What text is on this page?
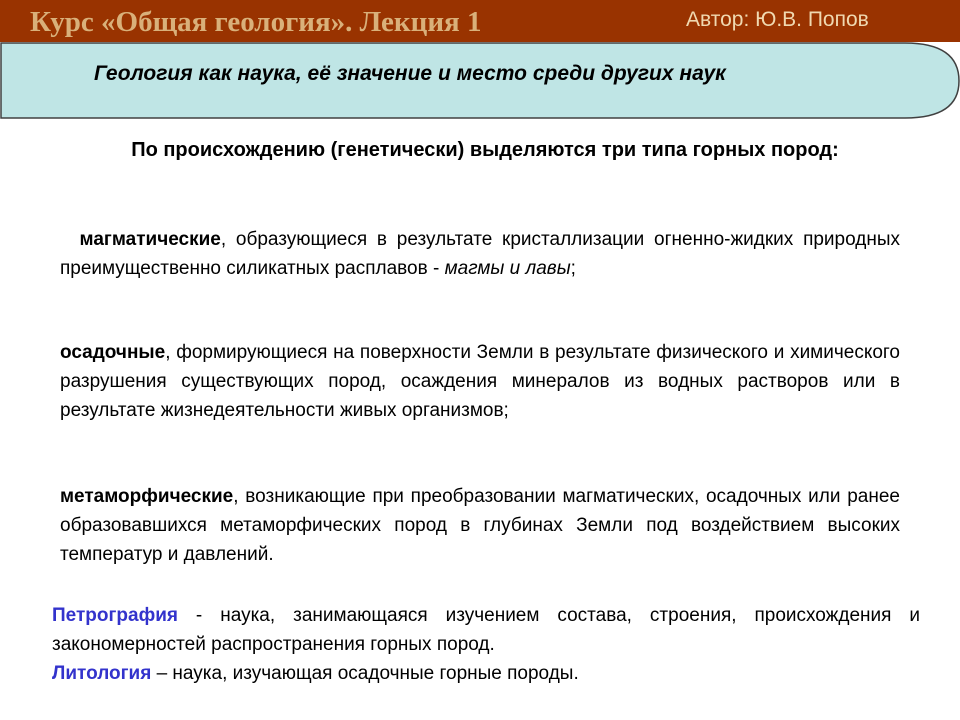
Курс «Общая геология». Лекция 1	Автор: Ю.В. Попов
Геология как наука, её значение и место среди других наук
По происхождению (генетически) выделяются три типа горных пород:
магматические, образующиеся в результате кристаллизации огненно-жидких природных преимущественно силикатных расплавов - магмы и лавы;
осадочные, формирующиеся на поверхности Земли в результате физического и химического разрушения существующих пород, осаждения минералов из водных растворов или в результате жизнедеятельности живых организмов;
метаморфические, возникающие при преобразовании магматических, осадочных или ранее образовавшихся метаморфических пород в глубинах Земли под воздействием высоких температур и давлений.
Петрография - наука, занимающаяся изучением состава, строения, происхождения и закономерностей распространения горных пород.
Литология – наука, изучающая осадочные горные породы.
